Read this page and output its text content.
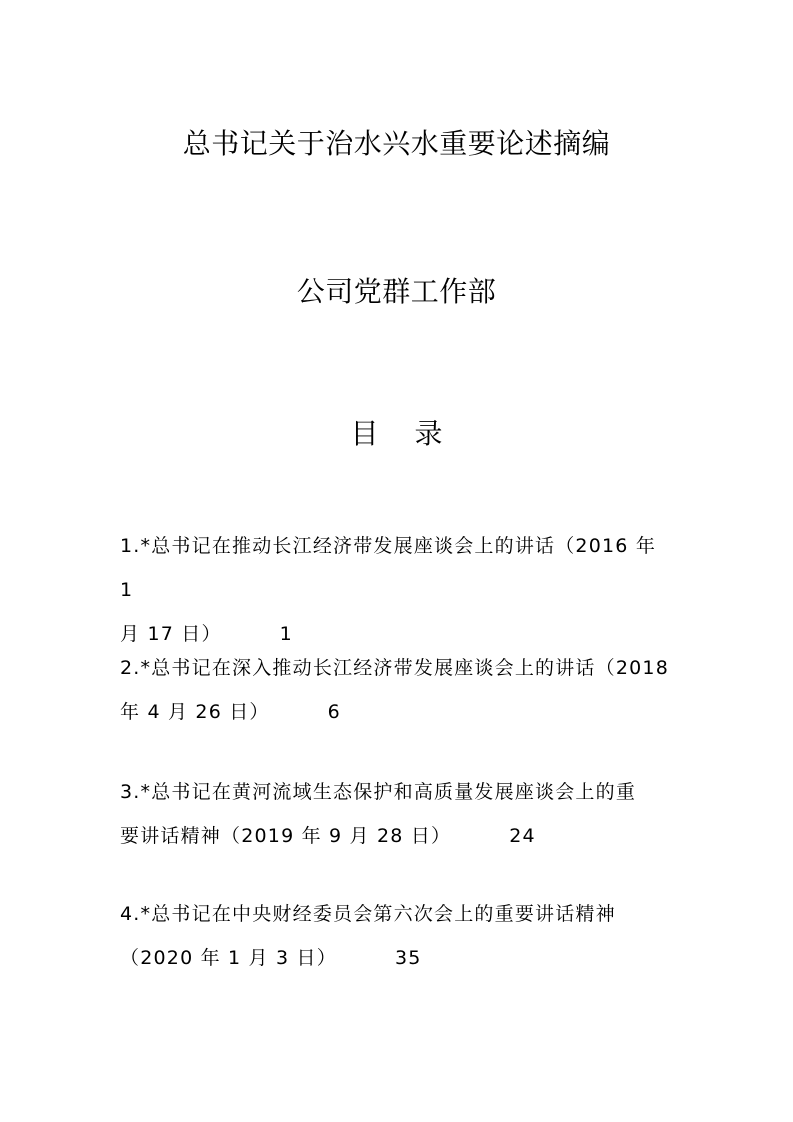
总书记关于治水兴水重要论述摘编
公司党群工作部
目 录
1.*总书记在推动长江经济带发展座谈会上的讲话（2016 年 1
月 17 日）	1
2.*总书记在深入推动长江经济带发展座谈会上的讲话（2018
年 4 月 26 日）	6
3.*总书记在黄河流域生态保护和高质量发展座谈会上的重
要讲话精神（2019 年 9 月 28 日）	24
4.*总书记在中央财经委员会第六次会上的重要讲话精神
（2020 年 1 月 3 日）	35
